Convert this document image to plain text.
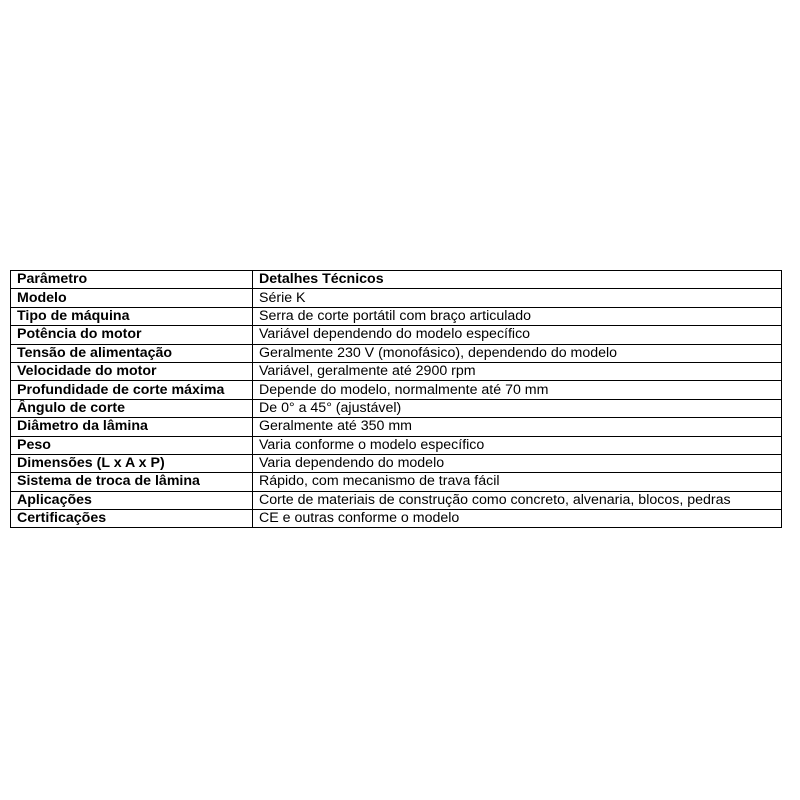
Parâmetro	Detalhes Técnicos
Modelo	Série K
Tipo de máquina	Serra de corte portátil com braço articulado
Potência do motor	Variável dependendo do modelo específico
Tensão de alimentação	Geralmente 230 V (monofásico), dependendo do modelo
Velocidade do motor	Variável, geralmente até 2900 rpm
Profundidade de corte máxima	Depende do modelo, normalmente até 70 mm
Ângulo de corte	De 0° a 45° (ajustável)
Diâmetro da lâmina	Geralmente até 350 mm
Peso	Varia conforme o modelo específico
Dimensões (L x A x P)	Varia dependendo do modelo
Sistema de troca de lâmina	Rápido, com mecanismo de trava fácil
Aplicações	Corte de materiais de construção como concreto, alvenaria, blocos, pedras
Certificações	CE e outras conforme o modelo
